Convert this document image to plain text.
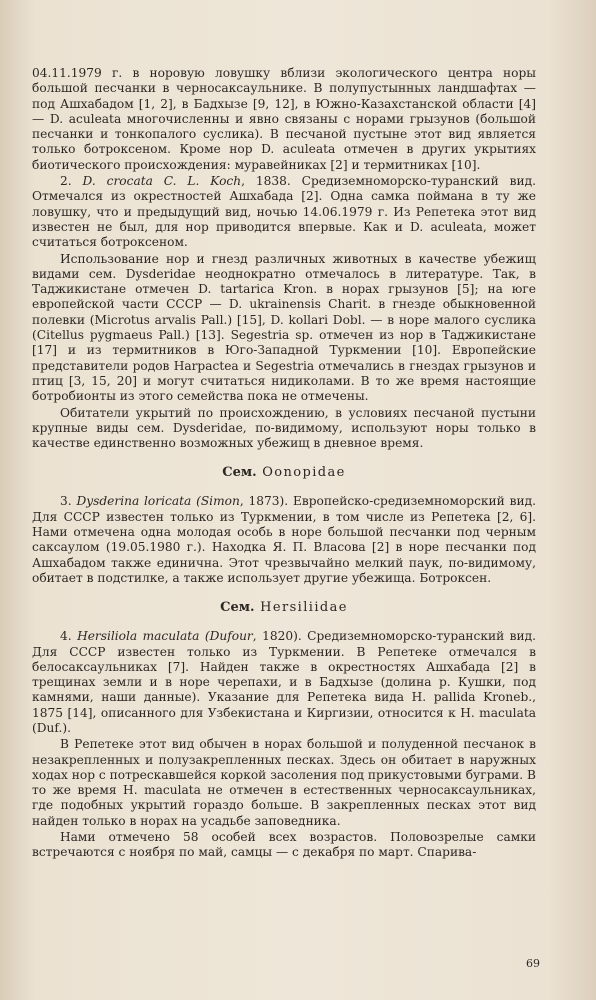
04.11.1979 г. в норовую ловушку вблизи экологического центра норы большой песчанки в черносаксаульнике. В полупустынных ландшафтах — под Ашхабадом [1, 2], в Бадхызе [9, 12], в Южно-Казахстанской области [4] — D. aculeata многочисленны и явно связаны с норами грызунов (большой песчанки и тонкопалого суслика). В песчаной пустыне этот вид является только ботроксеном. Кроме нор D. aculeata отмечен в других укрытиях биотического происхождения: муравейниках [2] и термитниках [10].

2. D. crocata C. L. Koch, 1838. Средиземноморско-туранский вид. Отмечался из окрестностей Ашхабада [2]. Одна самка поймана в ту же ловушку, что и предыдущий вид, ночью 14.06.1979 г. Из Репетека этот вид известен не был, для нор приводится впервые. Как и D. aculeata, может считаться ботроксеном.

Использование нор и гнезд различных животных в качестве убежищ видами сем. Dysderidae неоднократно отмечалось в литературе. Так, в Таджикистане отмечен D. tartarica Kron. в норах грызунов [5]; на юге европейской части СССР — D. ukrainensis Charit. в гнезде обыкновенной полевки (Microtus arvalis Pall.) [15], D. kollari Dobl. — в норе малого суслика (Citellus pygmaeus Pall.) [13]. Segestria sp. отмечен из нор в Таджикистане [17] и из термитников в Юго-Западной Туркмении [10]. Европейские представители родов Harpactea и Segestria отмечались в гнездах грызунов и птиц [3, 15, 20] и могут считаться нидиколами. В то же время настоящие ботробионты из этого семейства пока не отмечены.

Обитатели укрытий по происхождению, в условиях песчаной пустыни крупные виды сем. Dysderidae, по-видимому, используют норы только в качестве единственно возможных убежищ в дневное время.

Сем. Oonopidae

3. Dysderina loricata (Simon, 1873). Европейско-средиземноморский вид. Для СССР известен только из Туркмении, в том числе из Репетека [2, 6]. Нами отмечена одна молодая особь в норе большой песчанки под черным саксаулом (19.05.1980 г.). Находка Я. П. Власова [2] в норе песчанки под Ашхабадом также единична. Этот чрезвычайно мелкий паук, по-видимому, обитает в подстилке, а также использует другие убежища. Ботроксен.

Сем. Hersiliidae

4. Hersiliola maculata (Dufour, 1820). Средиземноморско-туранский вид. Для СССР известен только из Туркмении. В Репетеке отмечался в белосаксаульниках [7]. Найден также в окрестностях Ашхабада [2] в трещинах земли и в норе черепахи, и в Бадхызе (долина р. Кушки, под камнями, наши данные). Указание для Репетека вида H. pallida Kroneb., 1875 [14], описанного для Узбекистана и Киргизии, относится к H. maculata (Duf.).

В Репетеке этот вид обычен в норах большой и полуденной песчанок в незакрепленных и полузакрепленных песках. Здесь он обитает в наружных ходах нор с потрескавшейся коркой засоления под прикустовыми буграми. В то же время H. maculata не отмечен в естественных черносаксаульниках, где подобных укрытий гораздо больше. В закрепленных песках этот вид найден только в норах на усадьбе заповедника.

Нами отмечено 58 особей всех возрастов. Половозрелые самки встречаются с ноября по май, самцы — с декабря по март. Спарива-

69
